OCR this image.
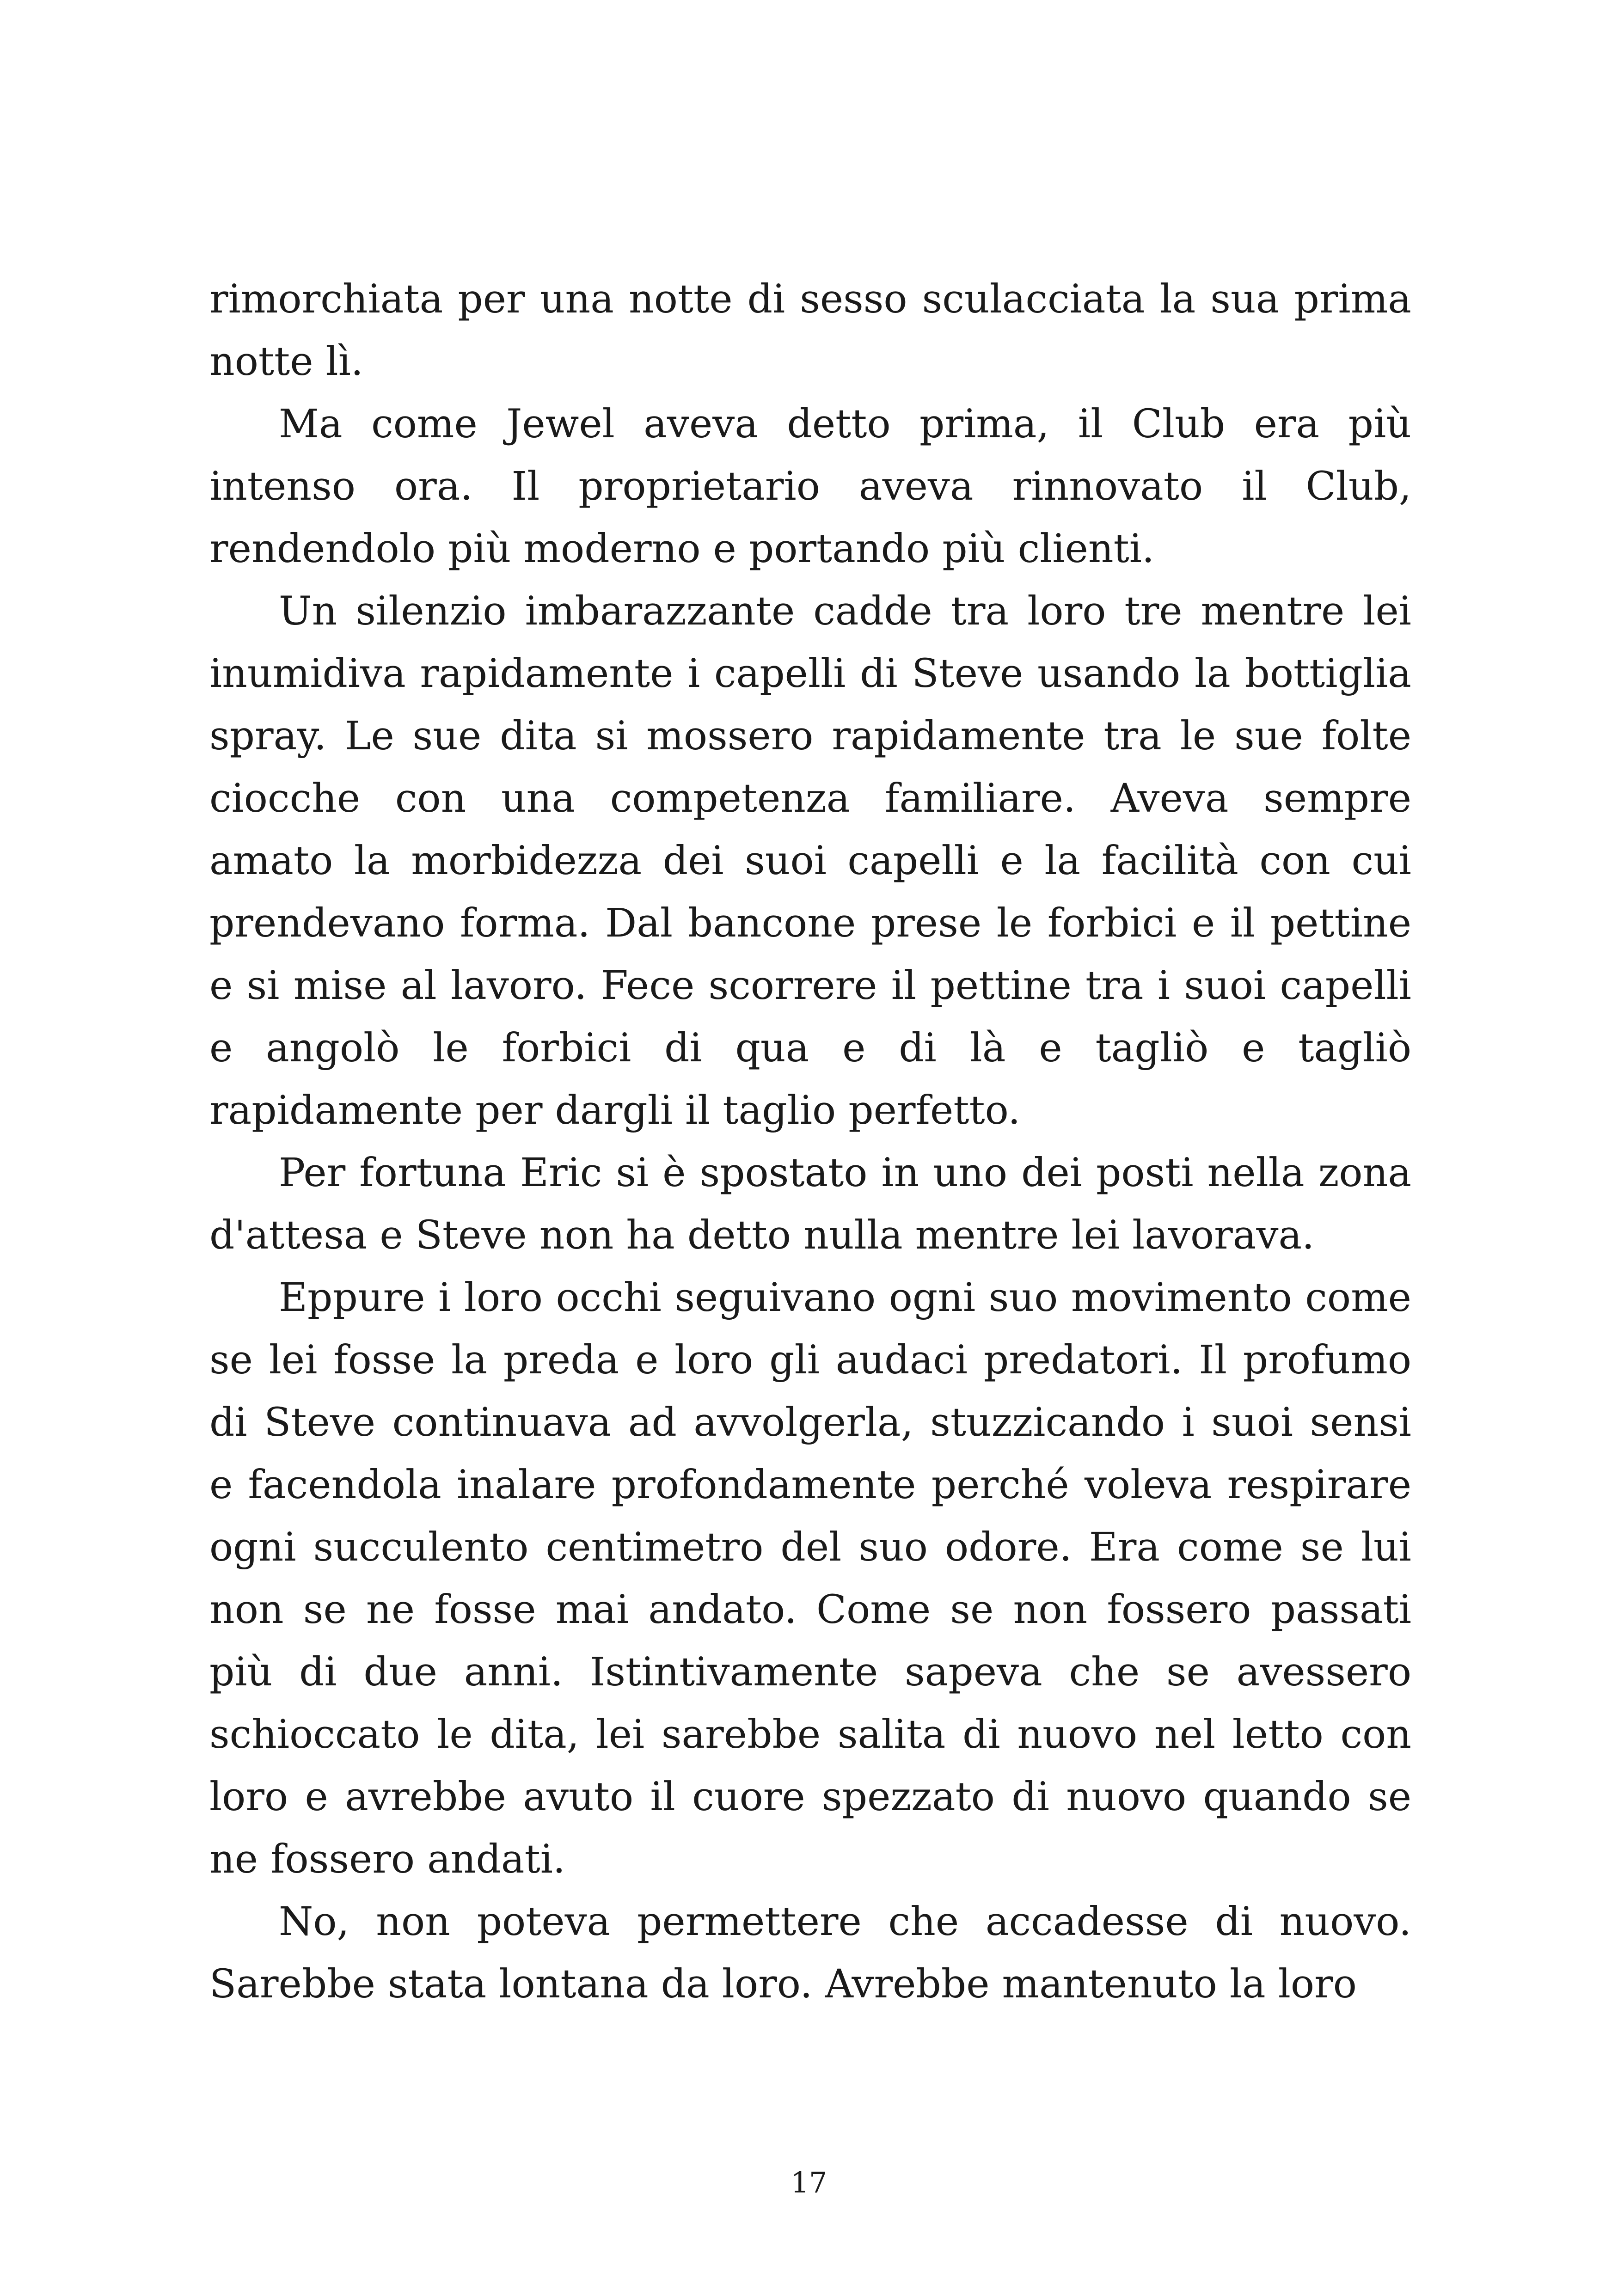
rimorchiata per una notte di sesso sculacciata la sua prima notte lì.

Ma come Jewel aveva detto prima, il Club era più intenso ora. Il proprietario aveva rinnovato il Club, rendendolo più moderno e portando più clienti.

Un silenzio imbarazzante cadde tra loro tre mentre lei inumidiva rapidamente i capelli di Steve usando la bottiglia spray. Le sue dita si mossero rapidamente tra le sue folte ciocche con una competenza familiare. Aveva sempre amato la morbidezza dei suoi capelli e la facilità con cui prendevano forma. Dal bancone prese le forbici e il pettine e si mise al lavoro. Fece scorrere il pettine tra i suoi capelli e angolò le forbici di qua e di là e tagliò e tagliò rapidamente per dargli il taglio perfetto.

Per fortuna Eric si è spostato in uno dei posti nella zona d'attesa e Steve non ha detto nulla mentre lei lavorava.

Eppure i loro occhi seguivano ogni suo movimento come se lei fosse la preda e loro gli audaci predatori. Il profumo di Steve continuava ad avvolgerla, stuzzicando i suoi sensi e facendola inalare profondamente perché voleva respirare ogni succulento centimetro del suo odore. Era come se lui non se ne fosse mai andato. Come se non fossero passati più di due anni. Istintivamente sapeva che se avessero schioccato le dita, lei sarebbe salita di nuovo nel letto con loro e avrebbe avuto il cuore spezzato di nuovo quando se ne fossero andati.

No, non poteva permettere che accadesse di nuovo. Sarebbe stata lontana da loro. Avrebbe mantenuto la loro

17
